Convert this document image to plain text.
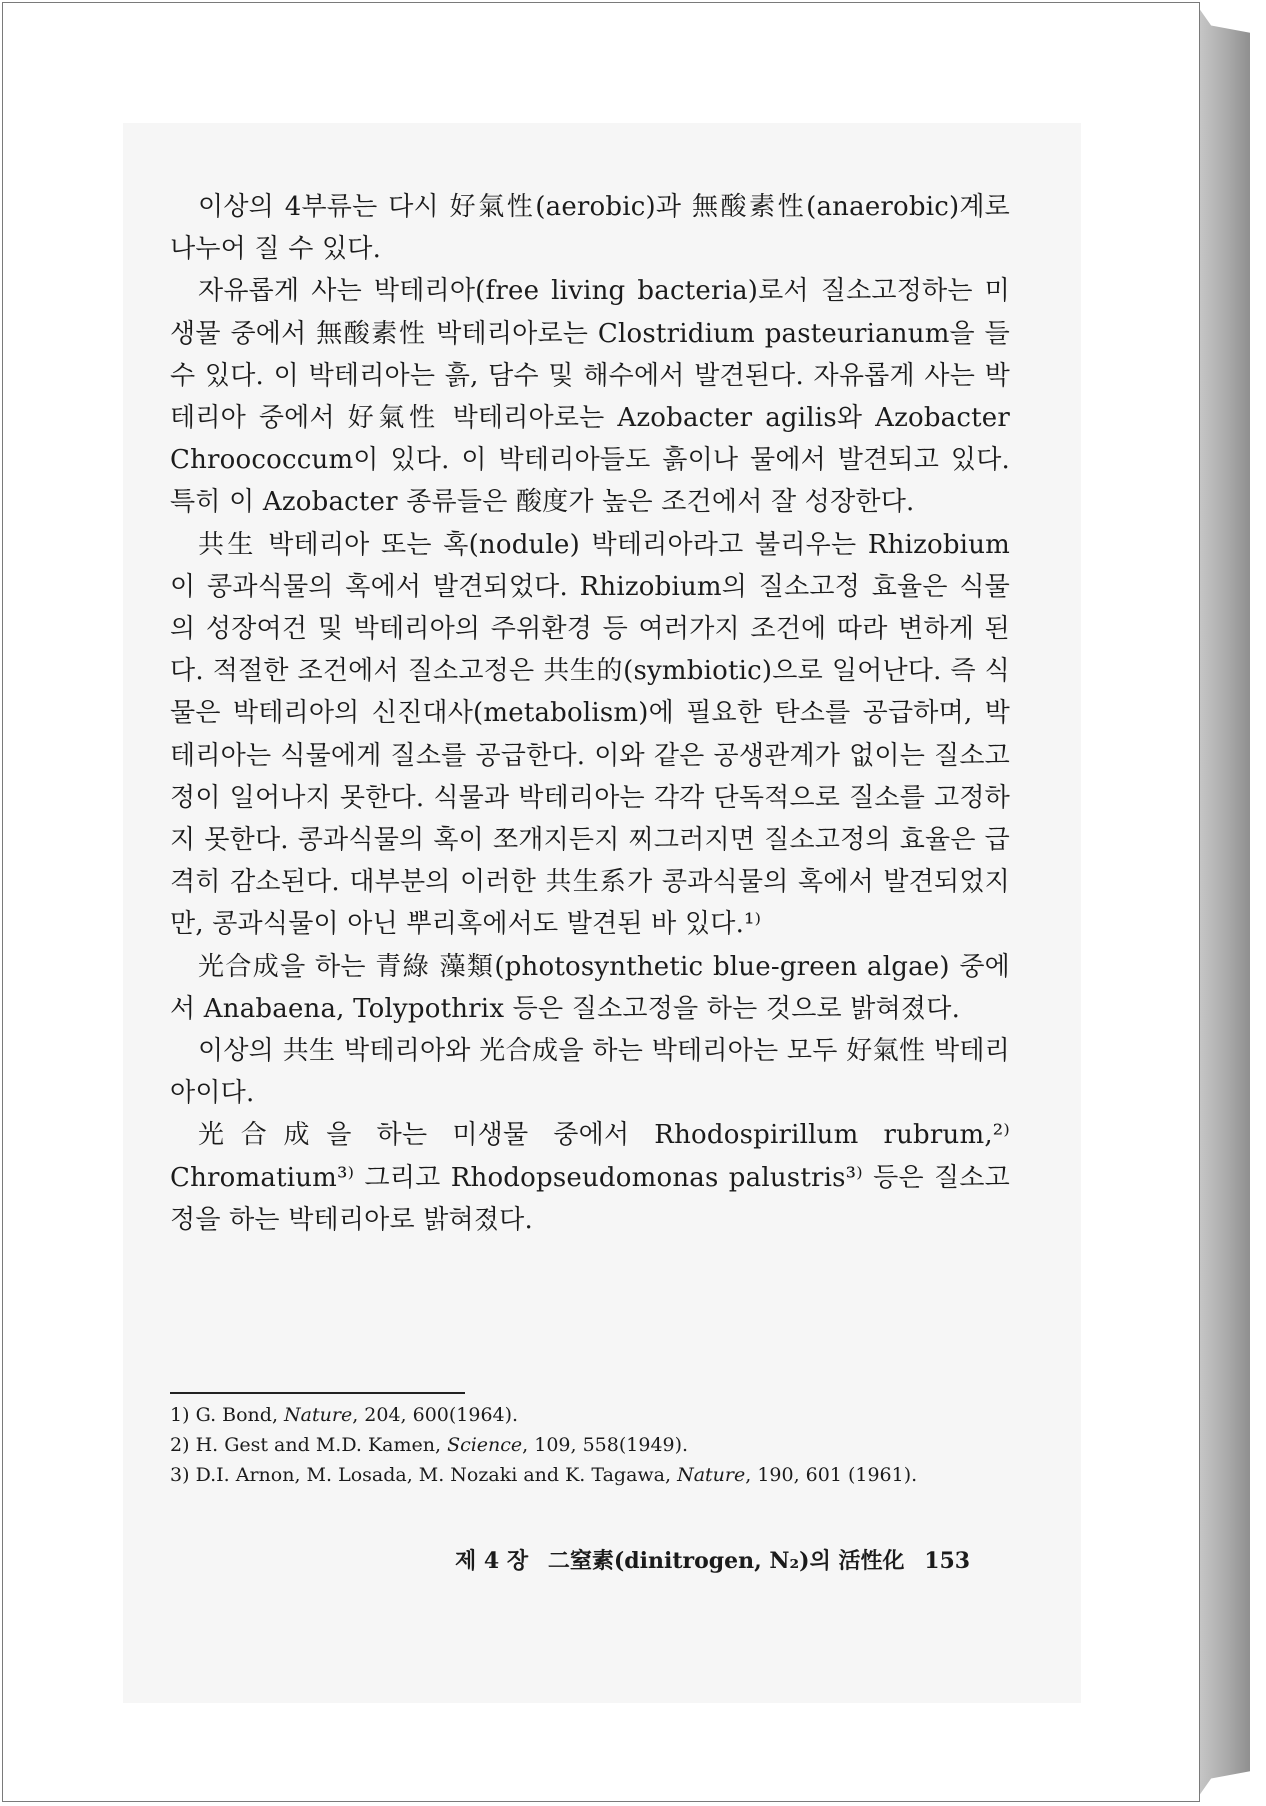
이상의 4부류는 다시 好氣性(aerobic)과 無酸素性(anaerobic)계로 나누어 질 수 있다.

자유롭게 사는 박테리아(free living bacteria)로서 질소고정하는 미생물 중에서 無酸素性 박테리아로는 Clostridium pasteurianum을 들 수 있다. 이 박테리아는 흙, 담수 및 해수에서 발견된다. 자유롭게 사는 박테리아 중에서 好氣性 박테리아로는 Azobacter agilis와 Azobacter Chroococcum이 있다. 이 박테리아들도 흙이나 물에서 발견되고 있다. 특히 이 Azobacter 종류들은 酸度가 높은 조건에서 잘 성장한다.

共生 박테리아 또는 혹(nodule) 박테리아라고 불리우는 Rhizobium이 콩과식물의 혹에서 발견되었다. Rhizobium의 질소고정 효율은 식물의 성장여건 및 박테리아의 주위환경 등 여러가지 조건에 따라 변하게 된다. 적절한 조건에서 질소고정은 共生的(symbiotic)으로 일어난다. 즉 식물은 박테리아의 신진대사(metabolism)에 필요한 탄소를 공급하며, 박테리아는 식물에게 질소를 공급한다. 이와 같은 공생관계가 없이는 질소고정이 일어나지 못한다. 식물과 박테리아는 각각 단독적으로 질소를 고정하지 못한다. 콩과식물의 혹이 쪼개지든지 찌그러지면 질소고정의 효율은 급격히 감소된다. 대부분의 이러한 共生系가 콩과식물의 혹에서 발견되었지만, 콩과식물이 아닌 뿌리혹에서도 발견된 바 있다.¹⁾

光合成을 하는 青綠 藻類(photosynthetic blue-green algae) 중에서 Anabaena, Tolypothrix 등은 질소고정을 하는 것으로 밝혀졌다.

이상의 共生 박테리아와 光合成을 하는 박테리아는 모두 好氣性 박테리아이다.

光合成을 하는 미생물 중에서 Rhodospirillum rubrum,²⁾ Chromatium³⁾ 그리고 Rhodopseudomonas palustris³⁾ 등은 질소고정을 하는 박테리아로 밝혀졌다.

1) G. Bond, Nature, 204, 600(1964).

2) H. Gest and M.D. Kamen, Science, 109, 558(1949).

3) D.I. Arnon, M. Losada, M. Nozaki and K. Tagawa, Nature, 190, 601 (1961).

제 4 장 二窒素(dinitrogen, N₂)의 活性化 153
